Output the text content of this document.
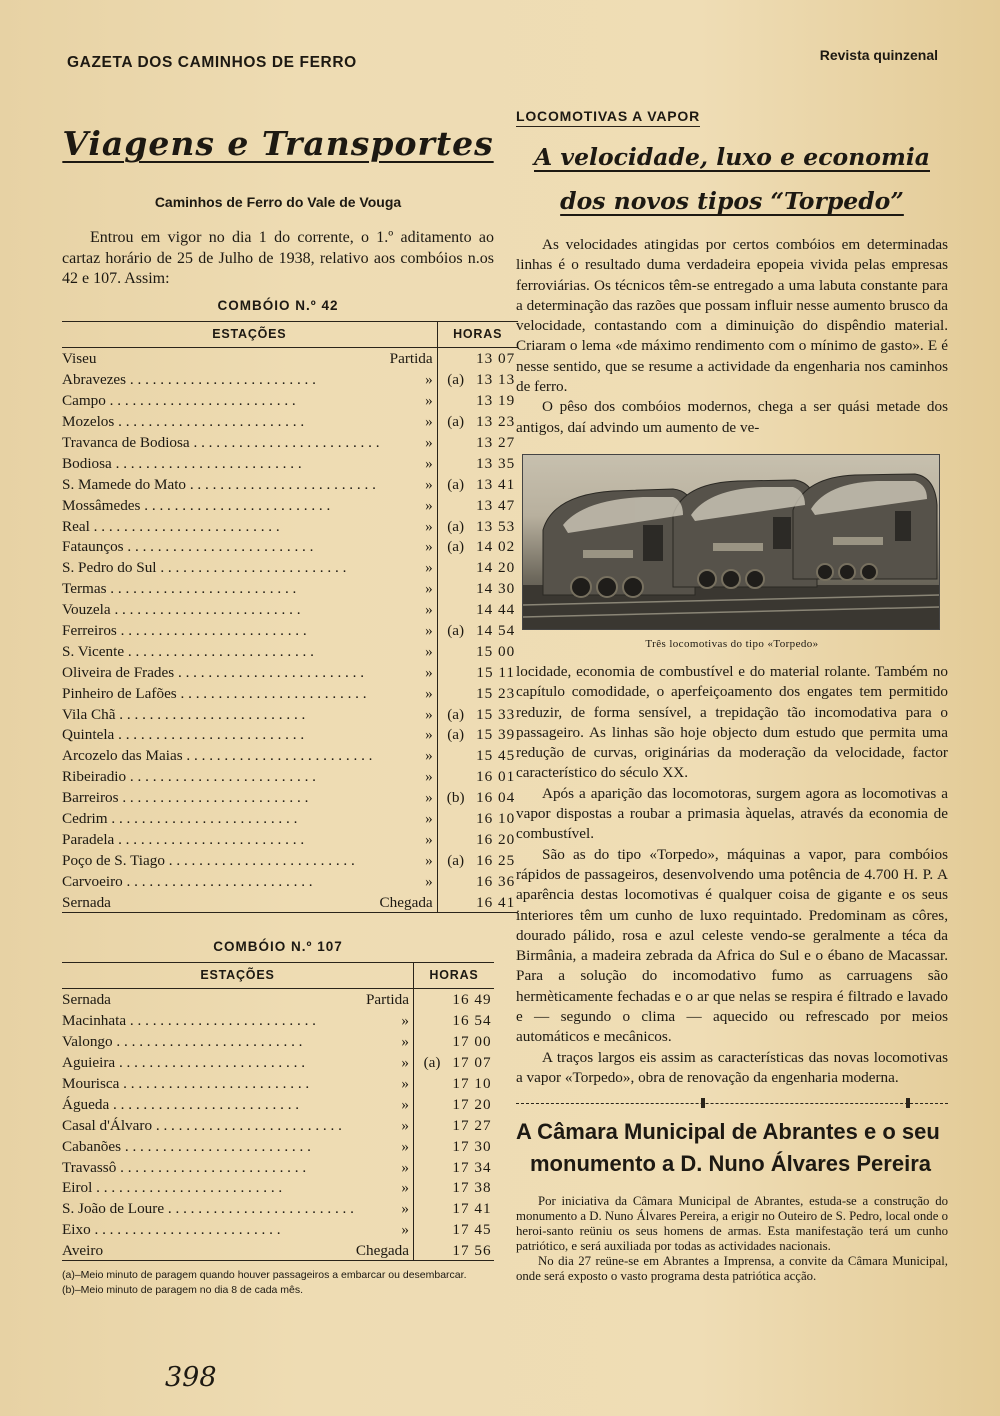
GAZETA DOS CAMINHOS DE FERRO	Revista quinzenal
Viagens e Transportes
Caminhos de Ferro do Vale de Vouga

Entrou em vigor no dia 1 do corrente, o 1.º aditamento ao cartaz horário de 25 de Julho de 1938, relativo aos combóios n.os 42 e 107. Assim:

COMBÓIO N.º 42
ESTAÇÕES		HORAS
Viseu	Partida	13 07
Abravezes . . .	»	(a) 13 13
Campo . . .	»	13 19
Mozelos . . .	»	(a) 13 23
Travanca de Bodiosa . . .	»	13 27
Bodiosa . . .	»	13 35
S. Mamede do Mato . . .	»	(a) 13 41
Mossâmedes . . .	»	13 47
Real . . .	»	(a) 13 53
Fataunços . . .	»	(a) 14 02
S. Pedro do Sul . . .	»	14 20
Termas . . .	»	14 30
Vouzela . . .	»	14 44
Ferreiros . . .	»	(a) 14 54
S. Vicente . . .	»	15 00
Oliveira de Frades . . .	»	15 11
Pinheiro de Lafões . . .	»	15 23
Vila Chã . . .	»	(a) 15 33
Quintela . . .	»	(a) 15 39
Arcozelo das Maias . . .	»	15 45
Ribeiradio . . .	»	16 01
Barreiros . . .	»	(b) 16 04
Cedrim . . .	»	16 10
Paradela . . .	»	16 20
Poço de S. Tiago . . .	»	(a) 16 25
Carvoeiro . . .	»	16 36
Sernada	Chegada	16 41
COMBÓIO N.º 107
ESTAÇÕES		HORAS
Sernada	Partida	16 49
Macinhata . . .	»	16 54
Valongo . . .	»	17 00
Aguieira . . .	»	(a) 17 07
Mourisca . . .	»	17 10
Águeda . . .	»	17 20
Casal d'Álvaro . . .	»	17 27
Cabanões . . .	»	17 30
Travassô . . .	»	17 34
Eirol . . .	»	17 38
S. João de Loure . . .	»	17 41
Eixo . . .	»	17 45
Aveiro	Chegada	17 56

(a)–Meio minuto de paragem quando houver passageiros a embarcar ou desembarcar.

(b)–Meio minuto de paragem no dia 8 de cada mês.

398
LOCOMOTIVAS A VAPOR
A velocidade, luxo e economia
dos novos tipos “Torpedo”

As velocidades atingidas por certos combóios em determinadas linhas é o resultado duma verdadeira epopeia vivida pelas empresas ferroviárias. Os técnicos têm-se entregado a uma labuta constante para a determinação das razões que possam influir nesse aumento brusco da velocidade, contastando com a diminuição do dispêndio material. Criaram o lema «de máximo rendimento com o mínimo de gasto». E é nesse sentido, que se resume a actividade da engenharia nos caminhos de ferro.

O pêso dos combóios modernos, chega a ser quási metade dos antigos, daí advindo um aumento de ve-

Três locomotivas do tipo «Torpedo»

locidade, economia de combustível e do material rolante. Também no capítulo comodidade, o aperfeiçoamento dos engates tem permitido reduzir, de forma sensível, a trepidação tão incomodativa para o passageiro. As linhas são hoje objecto dum estudo que permita uma redução de curvas, originárias da moderação da velocidade, factor característico do século XX.

Após a aparição das locomotoras, surgem agora as locomotivas a vapor dispostas a roubar a primasia àquelas, através da economia de combustível.

São as do tipo «Torpedo», máquinas a vapor, para combóios rápidos de passageiros, desenvolvendo uma potência de 4.700 H. P. A aparência destas locomotivas é qualquer coisa de gigante e os seus interiores têm um cunho de luxo requintado. Predominam as côres, dourado pálido, rosa e azul celeste vendo-se geralmente a téca da Birmânia, a madeira zebrada da Africa do Sul e o ébano de Macassar. Para a solução do incomodativo fumo as carruagens são hermèticamente fechadas e o ar que nelas se respira é filtrado e lavado e — segundo o clima — aquecido ou refrescado por meios automáticos e mecânicos.

A traços largos eis assim as características das novas locomotivas a vapor «Torpedo», obra de renovação da engenharia moderna.

A Câmara Municipal de Abrantes e o seu
monumento a D. Nuno Álvares Pereira

Por iniciativa da Câmara Municipal de Abrantes, estuda-se a construção do monumento a D. Nuno Álvares Pereira, a erigir no Outeiro de S. Pedro, local onde o heroi-santo reüniu os seus homens de armas. Esta manifestação terá um cunho patriótico, e será auxiliada por todas as actividades nacionais.

No dia 27 reüne-se em Abrantes a Imprensa, a convite da Câmara Municipal, onde será exposto o vasto programa desta patriótica acção.
